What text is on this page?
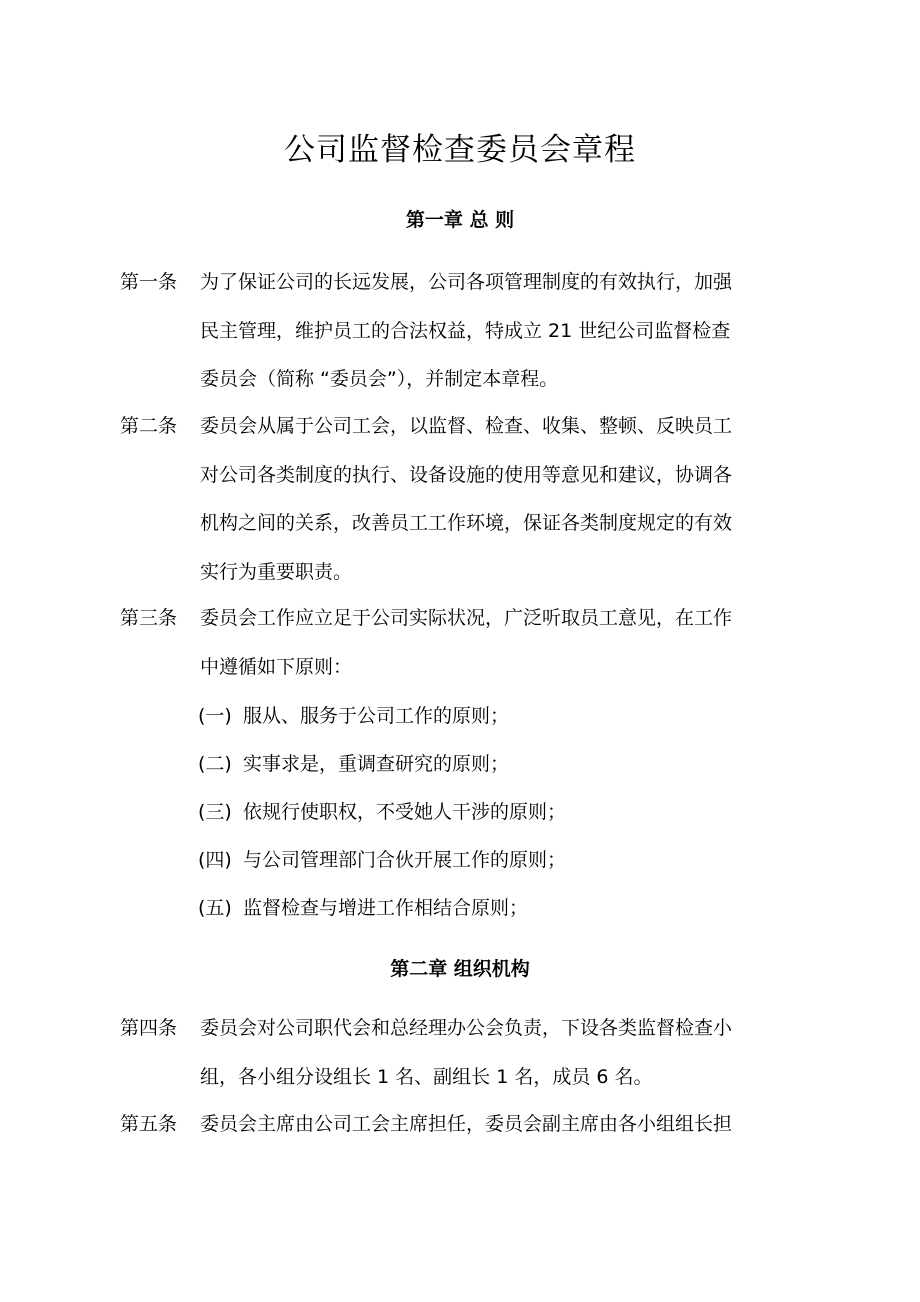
公司监督检查委员会章程
第一章 总 则
第一条	为了保证公司的长远发展，公司各项管理制度的有效执行，加强
民主管理，维护员工的合法权益，特成立 21 世纪公司监督检查
委员会（简称 “委员会”），并制定本章程。
第二条	委员会从属于公司工会，以监督、检查、收集、整顿、反映员工
对公司各类制度的执行、设备设施的使用等意见和建议，协调各
机构之间的关系，改善员工工作环境，保证各类制度规定的有效
实行为重要职责。
第三条	委员会工作应立足于公司实际状况，广泛听取员工意见，在工作
中遵循如下原则：
(一) 服从、服务于公司工作的原则；
(二) 实事求是，重调查研究的原则；
(三) 依规行使职权，不受她人干涉的原则；
(四) 与公司管理部门合伙开展工作的原则；
(五) 监督检查与增进工作相结合原则；
第二章 组织机构
第四条	委员会对公司职代会和总经理办公会负责，下设各类监督检查小
组，各小组分设组长 1 名、副组长 1 名，成员 6 名。
第五条	委员会主席由公司工会主席担任，委员会副主席由各小组组长担
